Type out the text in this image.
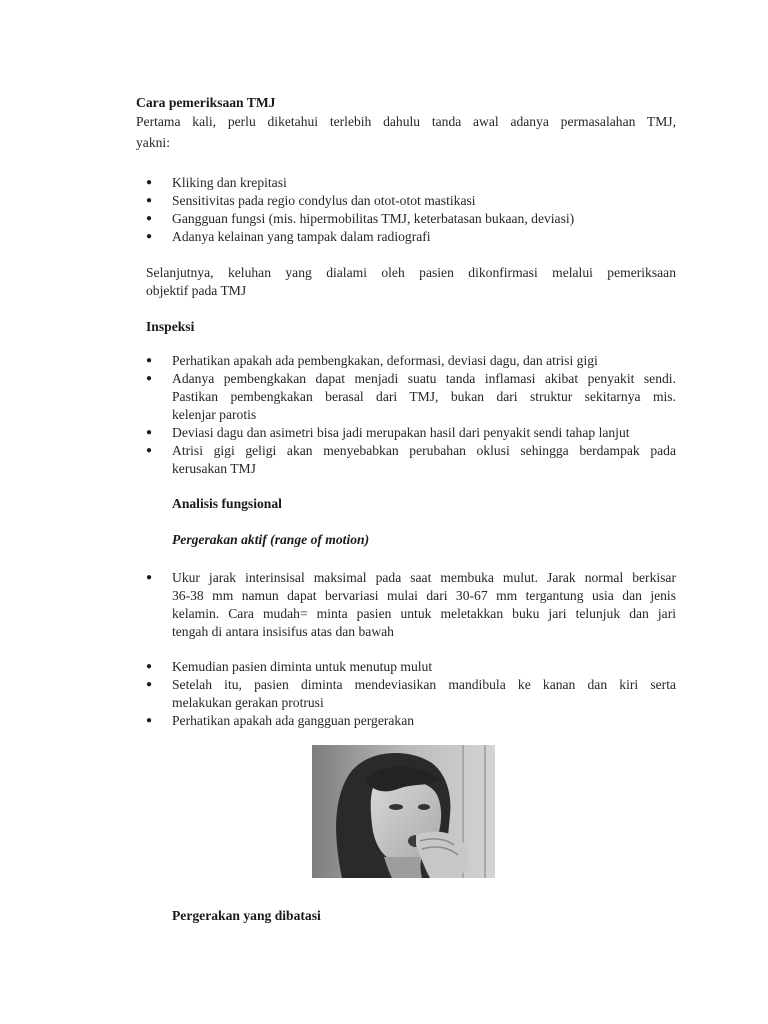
Cara pemeriksaan TMJ
Pertama kali, perlu diketahui terlebih dahulu tanda awal adanya permasalahan TMJ,
yakni:
● Kliking dan krepitasi
● Sensitivitas pada regio condylus dan otot-otot mastikasi
● Gangguan fungsi (mis. hipermobilitas TMJ, keterbatasan bukaan, deviasi)
● Adanya kelainan yang tampak dalam radiografi
Selanjutnya, keluhan yang dialami oleh pasien dikonfirmasi melalui pemeriksaan
objektif pada TMJ
Inspeksi
● Perhatikan apakah ada pembengkakan, deformasi, deviasi dagu, dan atrisi gigi
● Adanya pembengkakan dapat menjadi suatu tanda inflamasi akibat penyakit sendi.
Pastikan pembengkakan berasal dari TMJ, bukan dari struktur sekitarnya mis.
kelenjar parotis
● Deviasi dagu dan asimetri bisa jadi merupakan hasil dari penyakit sendi tahap lanjut
● Atrisi gigi geligi akan menyebabkan perubahan oklusi sehingga berdampak pada
kerusakan TMJ
Analisis fungsional
Pergerakan aktif (range of motion)
● Ukur jarak interinsisal maksimal pada saat membuka mulut. Jarak normal berkisar
36-38 mm namun dapat bervariasi mulai dari 30-67 mm tergantung usia dan jenis
kelamin. Cara mudah= minta pasien untuk meletakkan buku jari telunjuk dan jari
tengah di antara insisifus atas dan bawah
● Kemudian pasien diminta untuk menutup mulut
● Setelah itu, pasien diminta mendeviasikan mandibula ke kanan dan kiri serta
melakukan gerakan protrusi
● Perhatikan apakah ada gangguan pergerakan
Pergerakan yang dibatasi
